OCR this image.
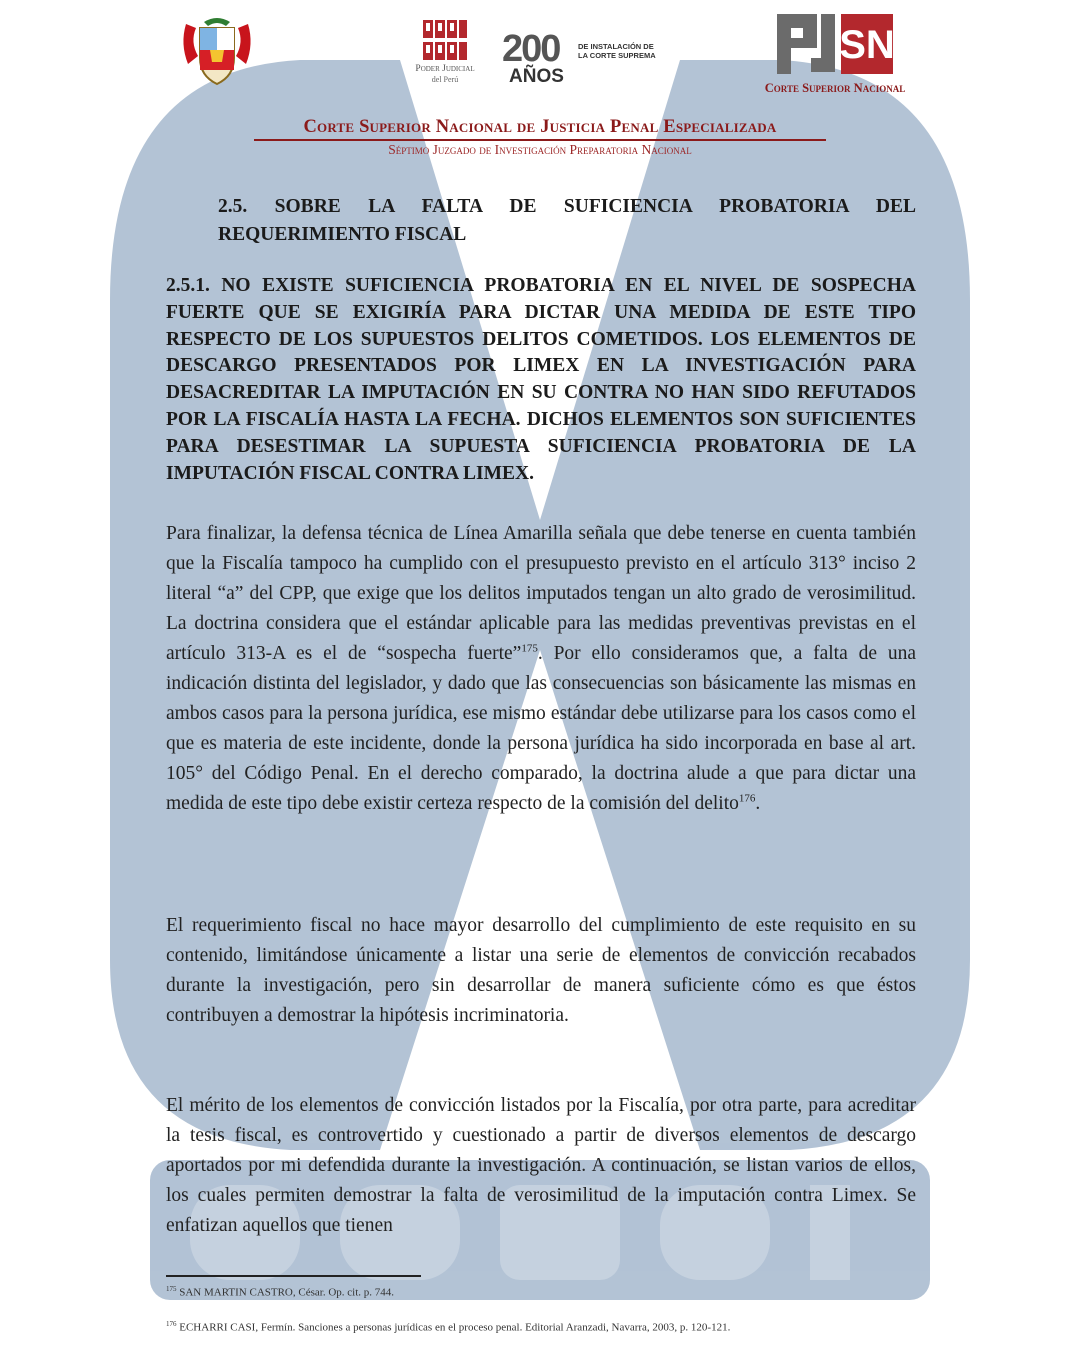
Poder Judicial
del Perú
200
AÑOS
DE INSTALACIÓN DE LA CORTE SUPREMA	SN
Corte Superior Nacional
Corte Superior Nacional de Justicia Penal Especializada
Séptimo Juzgado de Investigación Preparatoria Nacional

2.5. SOBRE LA FALTA DE SUFICIENCIA PROBATORIA DEL REQUERIMIENTO FISCAL

2.5.1. NO EXISTE SUFICIENCIA PROBATORIA EN EL NIVEL DE SOSPECHA FUERTE QUE SE EXIGIRÍA PARA DICTAR UNA MEDIDA DE ESTE TIPO RESPECTO DE LOS SUPUESTOS DELITOS COMETIDOS. LOS ELEMENTOS DE DESCARGO PRESENTADOS POR LIMEX EN LA INVESTIGACIÓN PARA DESACREDITAR LA IMPUTACIÓN EN SU CONTRA NO HAN SIDO REFUTADOS POR LA FISCALÍA HASTA LA FECHA. DICHOS ELEMENTOS SON SUFICIENTES PARA DESESTIMAR LA SUPUESTA SUFICIENCIA PROBATORIA DE LA IMPUTACIÓN FISCAL CONTRA LIMEX.

Para finalizar, la defensa técnica de Línea Amarilla señala que debe tenerse en cuenta también que la Fiscalía tampoco ha cumplido con el presupuesto previsto en el artículo 313° inciso 2 literal “a” del CPP, que exige que los delitos imputados tengan un alto grado de verosimilitud. La doctrina considera que el estándar aplicable para las medidas preventivas previstas en el artículo 313-A es el de “sospecha fuerte”$^{175}$. Por ello consideramos que, a falta de una indicación distinta del legislador, y dado que las consecuencias son básicamente las mismas en ambos casos para la persona jurídica, ese mismo estándar debe utilizarse para los casos como el que es materia de este incidente, donde la persona jurídica ha sido incorporada en base al art. 105° del Código Penal. En el derecho comparado, la doctrina alude a que para dictar una medida de este tipo debe existir certeza respecto de la comisión del delito$^{176}$.

El requerimiento fiscal no hace mayor desarrollo del cumplimiento de este requisito en su contenido, limitándose únicamente a listar una serie de elementos de convicción recabados durante la investigación, pero sin desarrollar de manera suficiente cómo es que éstos contribuyen a demostrar la hipótesis incriminatoria.

El mérito de los elementos de convicción listados por la Fiscalía, por otra parte, para acreditar la tesis fiscal, es controvertido y cuestionado a partir de diversos elementos de descargo aportados por mi defendida durante la investigación. A continuación, se listan varios de ellos, los cuales permiten demostrar la falta de verosimilitud de la imputación contra Limex. Se enfatizan aquellos que tienen

$^{175}$ SAN MARTIN CASTRO, César. Op. cit. p. 744.

$^{176}$ ECHARRI CASI, Fermín. Sanciones a personas jurídicas en el proceso penal. Editorial Aranzadi, Navarra, 2003, p. 120-121.
